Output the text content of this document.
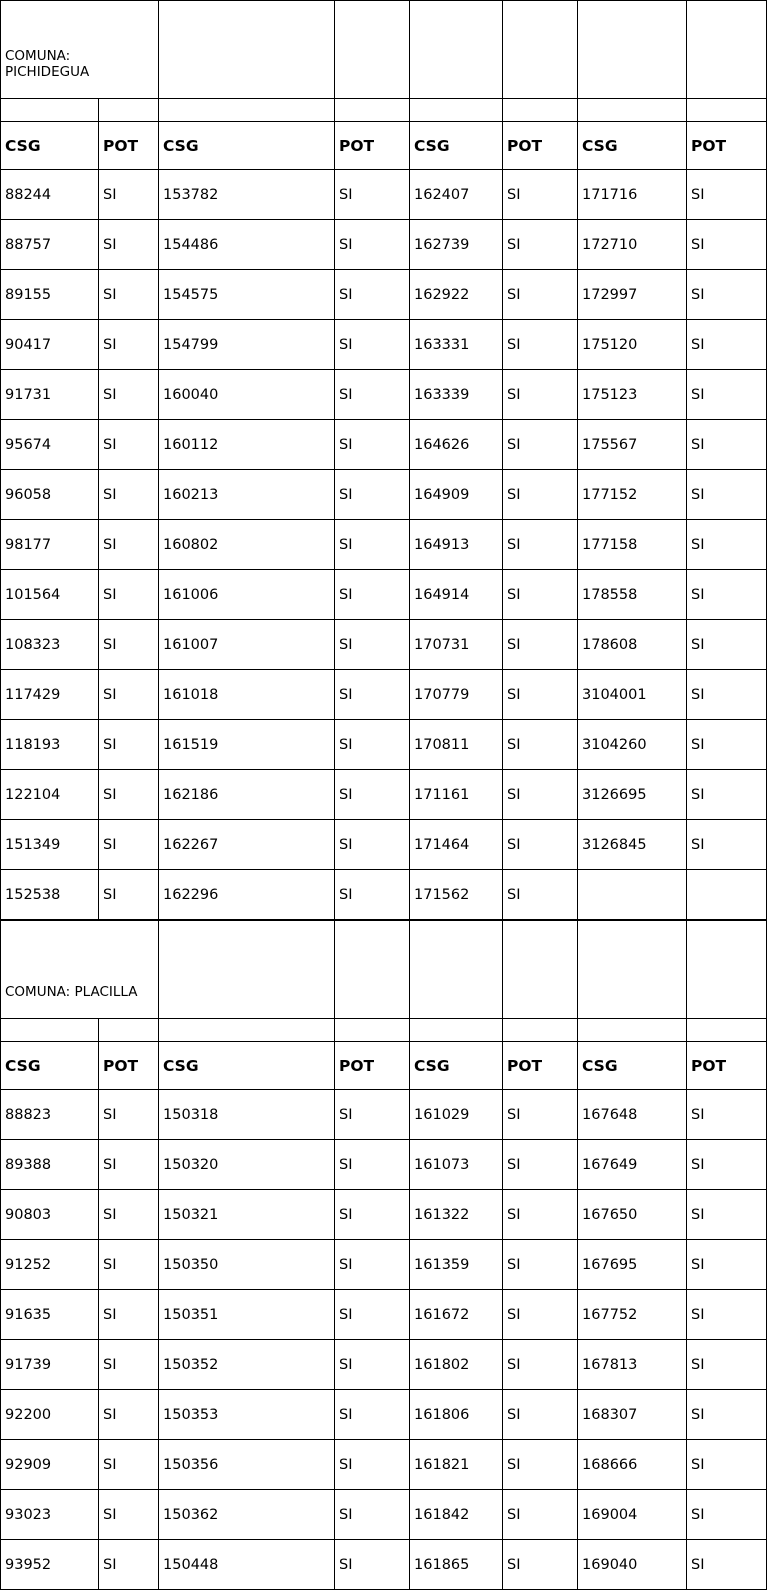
COMUNA:
PICHIDEGUA							

CSG	POT	CSG	POT	CSG	POT	CSG	POT
88244	SI	153782	SI	162407	SI	171716	SI
88757	SI	154486	SI	162739	SI	172710	SI
89155	SI	154575	SI	162922	SI	172997	SI
90417	SI	154799	SI	163331	SI	175120	SI
91731	SI	160040	SI	163339	SI	175123	SI
95674	SI	160112	SI	164626	SI	175567	SI
96058	SI	160213	SI	164909	SI	177152	SI
98177	SI	160802	SI	164913	SI	177158	SI
101564	SI	161006	SI	164914	SI	178558	SI
108323	SI	161007	SI	170731	SI	178608	SI
117429	SI	161018	SI	170779	SI	3104001	SI
118193	SI	161519	SI	170811	SI	3104260	SI
122104	SI	162186	SI	171161	SI	3126695	SI
151349	SI	162267	SI	171464	SI	3126845	SI
152538	SI	162296	SI	171562	SI		
COMUNA: PLACILLA							

CSG	POT	CSG	POT	CSG	POT	CSG	POT
88823	SI	150318	SI	161029	SI	167648	SI
89388	SI	150320	SI	161073	SI	167649	SI
90803	SI	150321	SI	161322	SI	167650	SI
91252	SI	150350	SI	161359	SI	167695	SI
91635	SI	150351	SI	161672	SI	167752	SI
91739	SI	150352	SI	161802	SI	167813	SI
92200	SI	150353	SI	161806	SI	168307	SI
92909	SI	150356	SI	161821	SI	168666	SI
93023	SI	150362	SI	161842	SI	169004	SI
93952	SI	150448	SI	161865	SI	169040	SI
